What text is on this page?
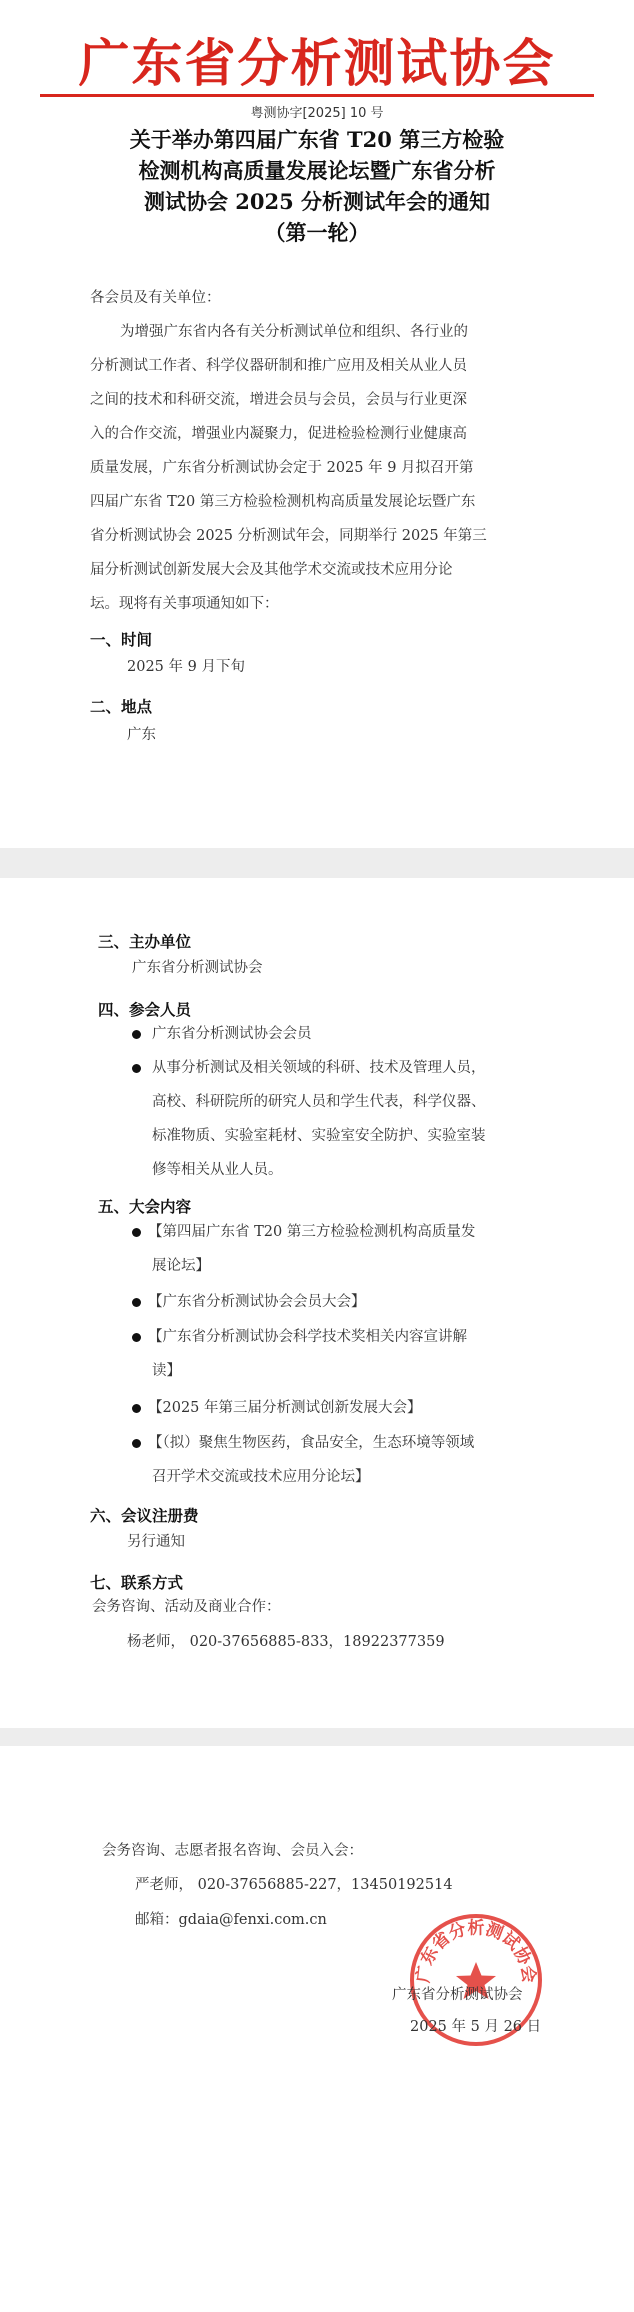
广东省分析测试协会
粤测协字[2025] 10 号
关于举办第四届广东省 T20 第三方检验
检测机构高质量发展论坛暨广东省分析
测试协会 2025 分析测试年会的通知
（第一轮）
各会员及有关单位：
为增强广东省内各有关分析测试单位和组织、各行业的
分析测试工作者、科学仪器研制和推广应用及相关从业人员
之间的技术和科研交流，增进会员与会员，会员与行业更深
入的合作交流，增强业内凝聚力，促进检验检测行业健康高
质量发展，广东省分析测试协会定于 2025 年 9 月拟召开第
四届广东省 T20 第三方检验检测机构高质量发展论坛暨广东
省分析测试协会 2025 分析测试年会，同期举行 2025 年第三
届分析测试创新发展大会及其他学术交流或技术应用分论
坛。现将有关事项通知如下：
一、时间
2025 年 9 月下旬
二、地点
广东
三、主办单位
广东省分析测试协会
四、参会人员
广东省分析测试协会会员
从事分析测试及相关领域的科研、技术及管理人员，
高校、科研院所的研究人员和学生代表，科学仪器、
标准物质、实验室耗材、实验室安全防护、实验室装
修等相关从业人员。
五、大会内容
【第四届广东省 T20 第三方检验检测机构高质量发
展论坛】
【广东省分析测试协会会员大会】
【广东省分析测试协会科学技术奖相关内容宣讲解
读】
【2025 年第三届分析测试创新发展大会】
【（拟）聚焦生物医药，食品安全，生态环境等领域
召开学术交流或技术应用分论坛】
六、会议注册费
另行通知
七、联系方式
会务咨询、活动及商业合作：
杨老师， 020-37656885-833，18922377359
会务咨询、志愿者报名咨询、会员入会：
严老师， 020-37656885-227，13450192514
邮箱：gdaia@fenxi.com.cn
广东省分析测试协会
广东省分析测试协会
2025 年 5 月 26 日
